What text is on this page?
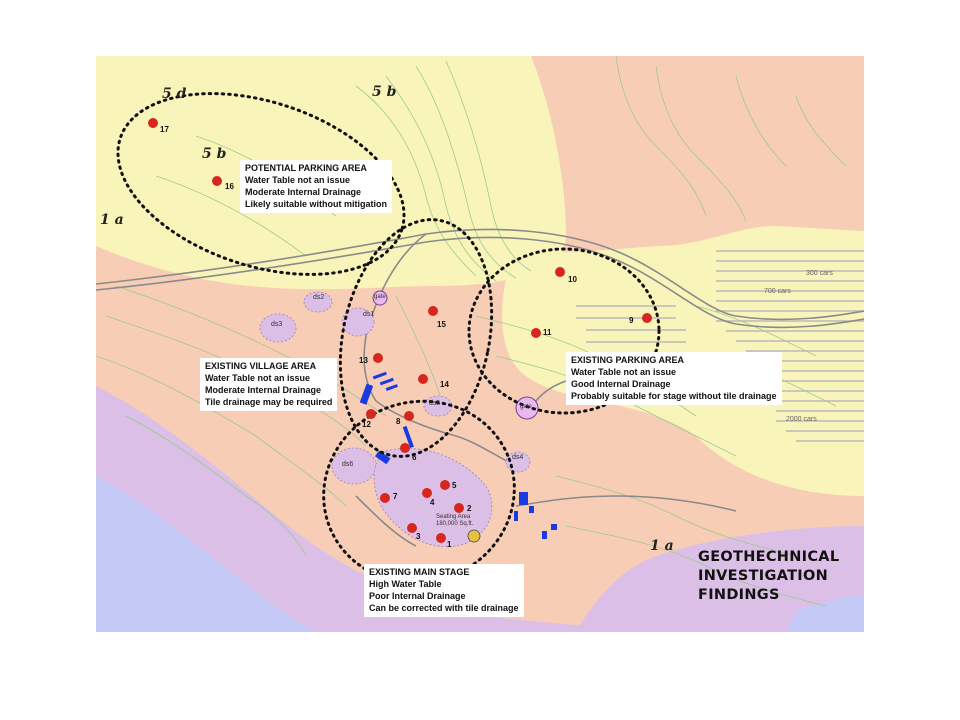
5 d	5 b
5 b
1 a
1 a
1
2
3
4
5
6
7
8
9
10
11
12
13
14
15
16
17
ds1
ds2
ds3
ds4
ds5
ds6
gate
gate
Seating Area
180,000 Sq.ft.
300 cars
700 cars
2000 cars
POTENTIAL PARKING AREA
Water Table not an issue
Moderate Internal Drainage
Likely suitable without mitigation
EXISTING VILLAGE AREA
Water Table not an issue
Moderate Internal Drainage
Tile drainage may be required
EXISTING PARKING AREA
Water Table not an issue
Good Internal Drainage
Probably suitable for stage without tile drainage
EXISTING MAIN STAGE
High Water Table
Poor Internal Drainage
Can be corrected with tile drainage
GEOTHECHNICAL
INVESTIGATION
FINDINGS
